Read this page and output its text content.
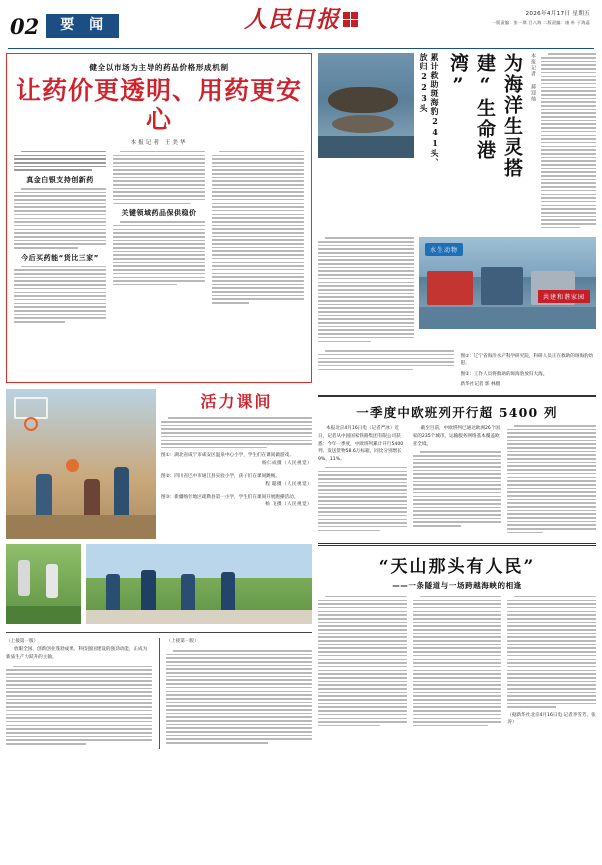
02	要 闻	人民日报	2026年4月17日 星期五
一版责编：张一琪 吕八海 二版责编：康 朴 于海蕊
健全以市场为主导的药品价格形成机制
让药价更透明、用药更安心
本报记者 王美华
真金白银支持创新药
今后买药能“货比三家”
关键领域药品保供稳价
活力课间
图①：湖北省咸宁市咸安区温泉中心小学，学生们在课间做游戏。
杨仁成摄（人民视觉）
图②：四川省巴中市通江县实验小学，孩子们在课间跳绳。
程 聪摄（人民视觉）
图③：新疆喀什地区疏勒县第一小学，学生们在课间开展跑操活动。
杨 飞摄（人民视觉）
（上接第一版）
放眼全国，创新创业蓬勃成果、科技强国建设的强劲动能，正成为新质生产力跃升的主轴。
（上接第一版）
累计救助斑海豹241头、放归223头	为海洋生灵搭建“生命港湾”	本报记者 郝迎灿
水生动物
共建和谐家园
图①：辽宁省海洋水产科学研究院，科研人员正在救助的斑海豹幼崽。
图②：工作人员将救助的斑海豹放归大海。
新华社记者 郭 林摄
一季度中欧班列开行超 5400 列
本报北京4月16日电（记者严冰）近日，记者从中国国家铁路集团有限公司获悉：今年一季度，中欧班列累计开行5400列、发送货物58.6万标箱，同比分别增长9%、11%。
截至目前，中欧班列已通达欧洲26个国家的235个城市，运输服务网络基本覆盖欧亚全境。
“天山那头有人民”
——一条隧道与一场跨越海峡的相逢
（据新华社北京4月16日电 记者李雪芳、张涛）
